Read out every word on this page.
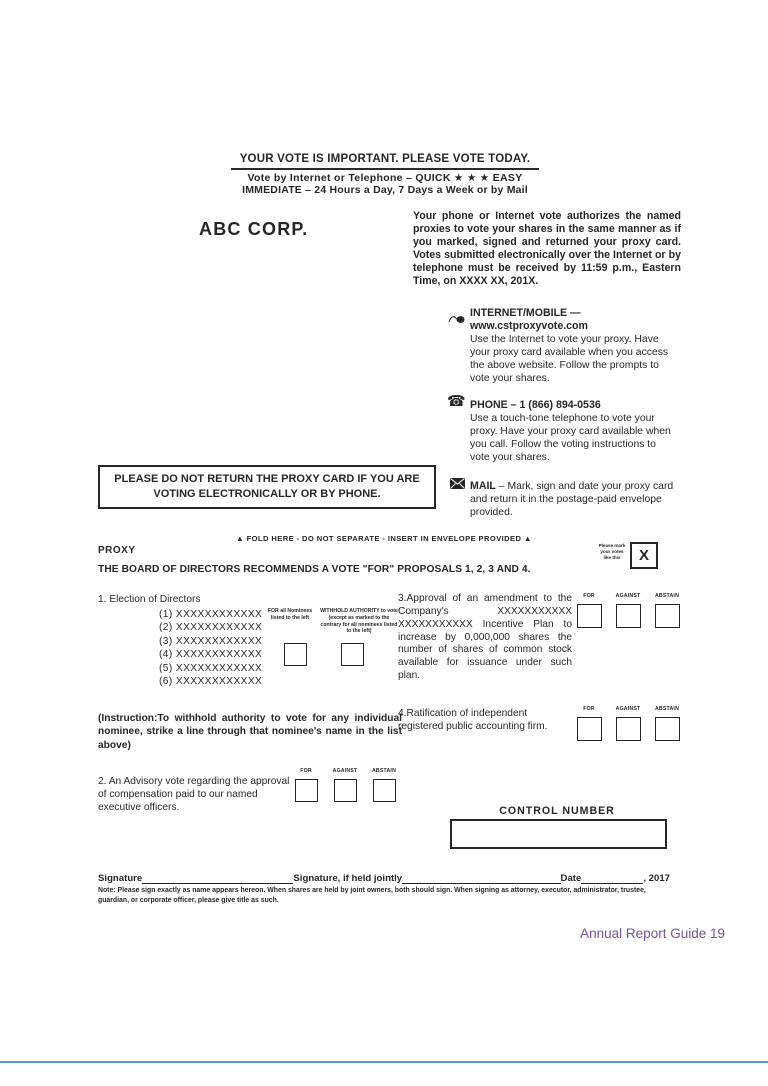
YOUR VOTE IS IMPORTANT. PLEASE VOTE TODAY.
Vote by Internet or Telephone – QUICK ★ ★ ★ EASY
IMMEDIATE – 24 Hours a Day, 7 Days a Week or by Mail
ABC CORP.
Your phone or Internet vote authorizes the named proxies to vote your shares in the same manner as if you marked, signed and returned your proxy card. Votes submitted electronically over the Internet or by telephone must be received by 11:59 p.m., Eastern Time, on XXXX XX, 201X.
INTERNET/MOBILE —
www.cstproxyvote.com
Use the Internet to vote your proxy. Have your proxy card available when you access the above website. Follow the prompts to vote your shares.
☎ PHONE – 1 (866) 894-0536
Use a touch-tone telephone to vote your proxy. Have your proxy card available when you call. Follow the voting instructions to vote your shares.
PLEASE DO NOT RETURN THE PROXY CARD IF YOU ARE VOTING ELECTRONICALLY OR BY PHONE.
MAIL – Mark, sign and date your proxy card and return it in the postage-paid envelope provided.
▲ FOLD HERE - DO NOT SEPARATE - INSERT IN ENVELOPE PROVIDED ▲
PROXY	Please mark your votes like this	X
THE BOARD OF DIRECTORS RECOMMENDS A VOTE "FOR" PROPOSALS 1, 2, 3 AND 4.
1. Election of Directors
(1) XXXXXXXXXXXX
(2) XXXXXXXXXXXX
(3) XXXXXXXXXXXX
(4) XXXXXXXXXXXX
(5) XXXXXXXXXXXX
(6) XXXXXXXXXXXX
FOR all Nominees listed to the left
WITHHOLD AUTHORITY to vote (except as marked to the contrary for all nominees listed to the left)
3.Approval of an amendment to the Company's XXXXXXXXXXX XXXXXXXXXXX Incentive Plan to increase by 0,000,000 shares the number of shares of common stock available for issuance under such plan.
FOR	AGAINST	ABSTAIN
(Instruction:To withhold authority to vote for any individual nominee, strike a line through that nominee's name in the list above)
4.Ratification of independent registered public accounting firm.
FOR	AGAINST	ABSTAIN
2. An Advisory vote regarding the approval of compensation paid to our named executive officers.
FOR	AGAINST	ABSTAIN
CONTROL NUMBER
Signature	Signature, if held jointly	Date	, 2017
Note: Please sign exactly as name appears hereon. When shares are held by joint owners, both should sign. When signing as attorney, executor, administrator, trustee, guardian, or corporate officer, please give title as such.
Annual Report Guide 19
